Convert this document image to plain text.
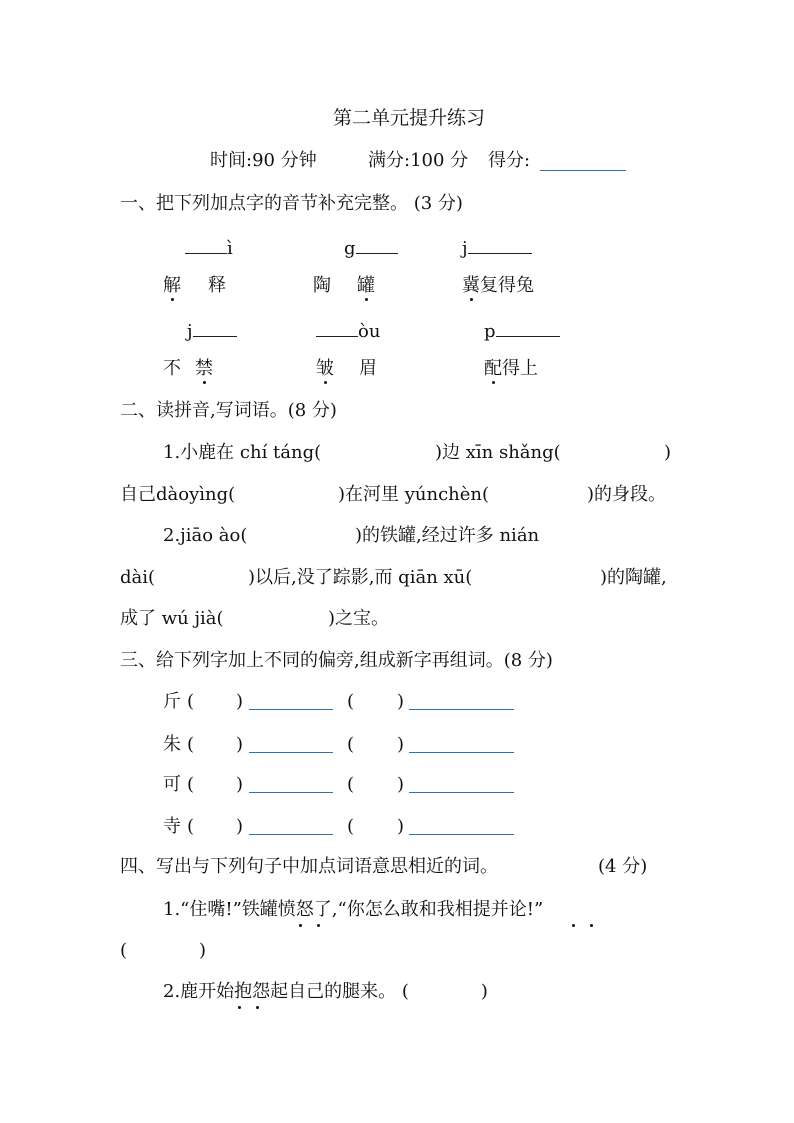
第二单元提升练习
时间:90 分钟	满分:100 分 得分:
一、把下列加点字的音节补充完整。 (3 分)
ì	g	j
解 释	陶 罐	冀复得兔
j	òu	p
不 禁	皱 眉	配得上
二、读拼音,写词语。(8 分)
1.小鹿在 chí táng(	)边 xīn shǎng(	)
自己dàoyìng(	)在河里 yúnchèn(	)的身段。
2.jiāo ào(	)的铁罐,经过许多 nián
dài(	)以后,没了踪影,而 qiān xū(	)的陶罐,
成了 wú jià(	)之宝。
三、给下列字加上不同的偏旁,组成新字再组词。(8 分)
斤 ( )	( )
朱 ( )	( )
可 ( )	( )
寺 ( )	( )
四、写出与下列句子中加点词语意思相近的词。	(4 分)
1.“住嘴!”铁罐愤怒了,“你怎么敢和我相提并论!”
(　　　　)
2.鹿开始抱怨起自己的腿来。 (　　　　)
